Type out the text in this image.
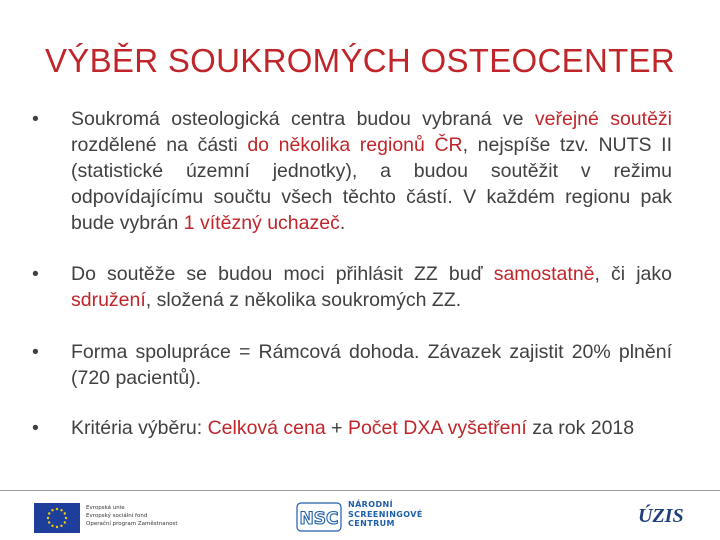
VÝBĚR SOUKROMÝCH OSTEOCENTER
•	Soukromá osteologická centra budou vybraná ve veřejné soutěži rozdělené na části do několika regionů ČR, nejspíše tzv. NUTS II (statistické územní jednotky), a budou soutěžit v režimu odpovídajícímu součtu všech těchto částí. V každém regionu pak bude vybrán 1 vítězný uchazeč.
•	Do soutěže se budou moci přihlásit ZZ buď samostatně, či jako sdružení, složená z několika soukromých ZZ.
•	Forma spolupráce = Rámcová dohoda. Závazek zajistit 20% plnění (720 pacientů).
•	Kritéria výběru: Celková cena + Počet DXA vyšetření za rok 2018
Evropská unie
Evropský sociální fond
Operační program Zaměstnanost	NSC
NÁRODNÍ
SCREENINGOVÉ
CENTRUM	ÚZIS
